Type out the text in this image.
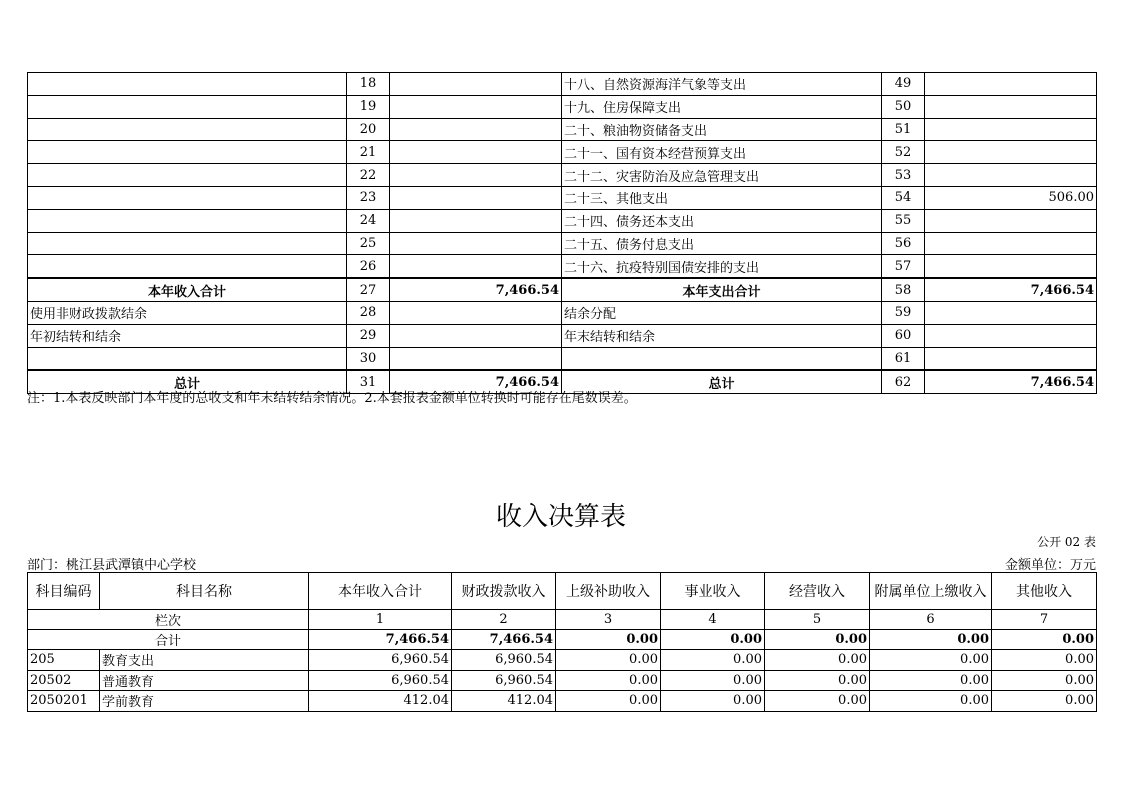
	18		十八、自然资源海洋气象等支出	49	
	19		十九、住房保障支出	50	
	20		二十、粮油物资储备支出	51	
	21		二十一、国有资本经营预算支出	52	
	22		二十二、灾害防治及应急管理支出	53	
	23		二十三、其他支出	54	506.00
	24		二十四、债务还本支出	55	
	25		二十五、债务付息支出	56	
	26		二十六、抗疫特别国债安排的支出	57	
本年收入合计	27	7,466.54	本年支出合计	58	7,466.54
使用非财政拨款结余	28		结余分配	59	
年初结转和结余	29		年末结转和结余	60	
	30			61	
总计	31	7,466.54	总计	62	7,466.54
注：1.本表反映部门本年度的总收支和年末结转结余情况。2.本套报表金额单位转换时可能存在尾数误差。
收入决算表
公开 02 表
部门：桃江县武潭镇中心学校	金额单位：万元
科目编码	科目名称	本年收入合计	财政拨款收入	上级补助收入	事业收入	经营收入	附属单位上缴收入	其他收入
栏次		1	2	3	4	5	6	7
合计		7,466.54	7,466.54	0.00	0.00	0.00	0.00	0.00
205	教育支出	6,960.54	6,960.54	0.00	0.00	0.00	0.00	0.00
20502	普通教育	6,960.54	6,960.54	0.00	0.00	0.00	0.00	0.00
2050201	学前教育	412.04	412.04	0.00	0.00	0.00	0.00	0.00
